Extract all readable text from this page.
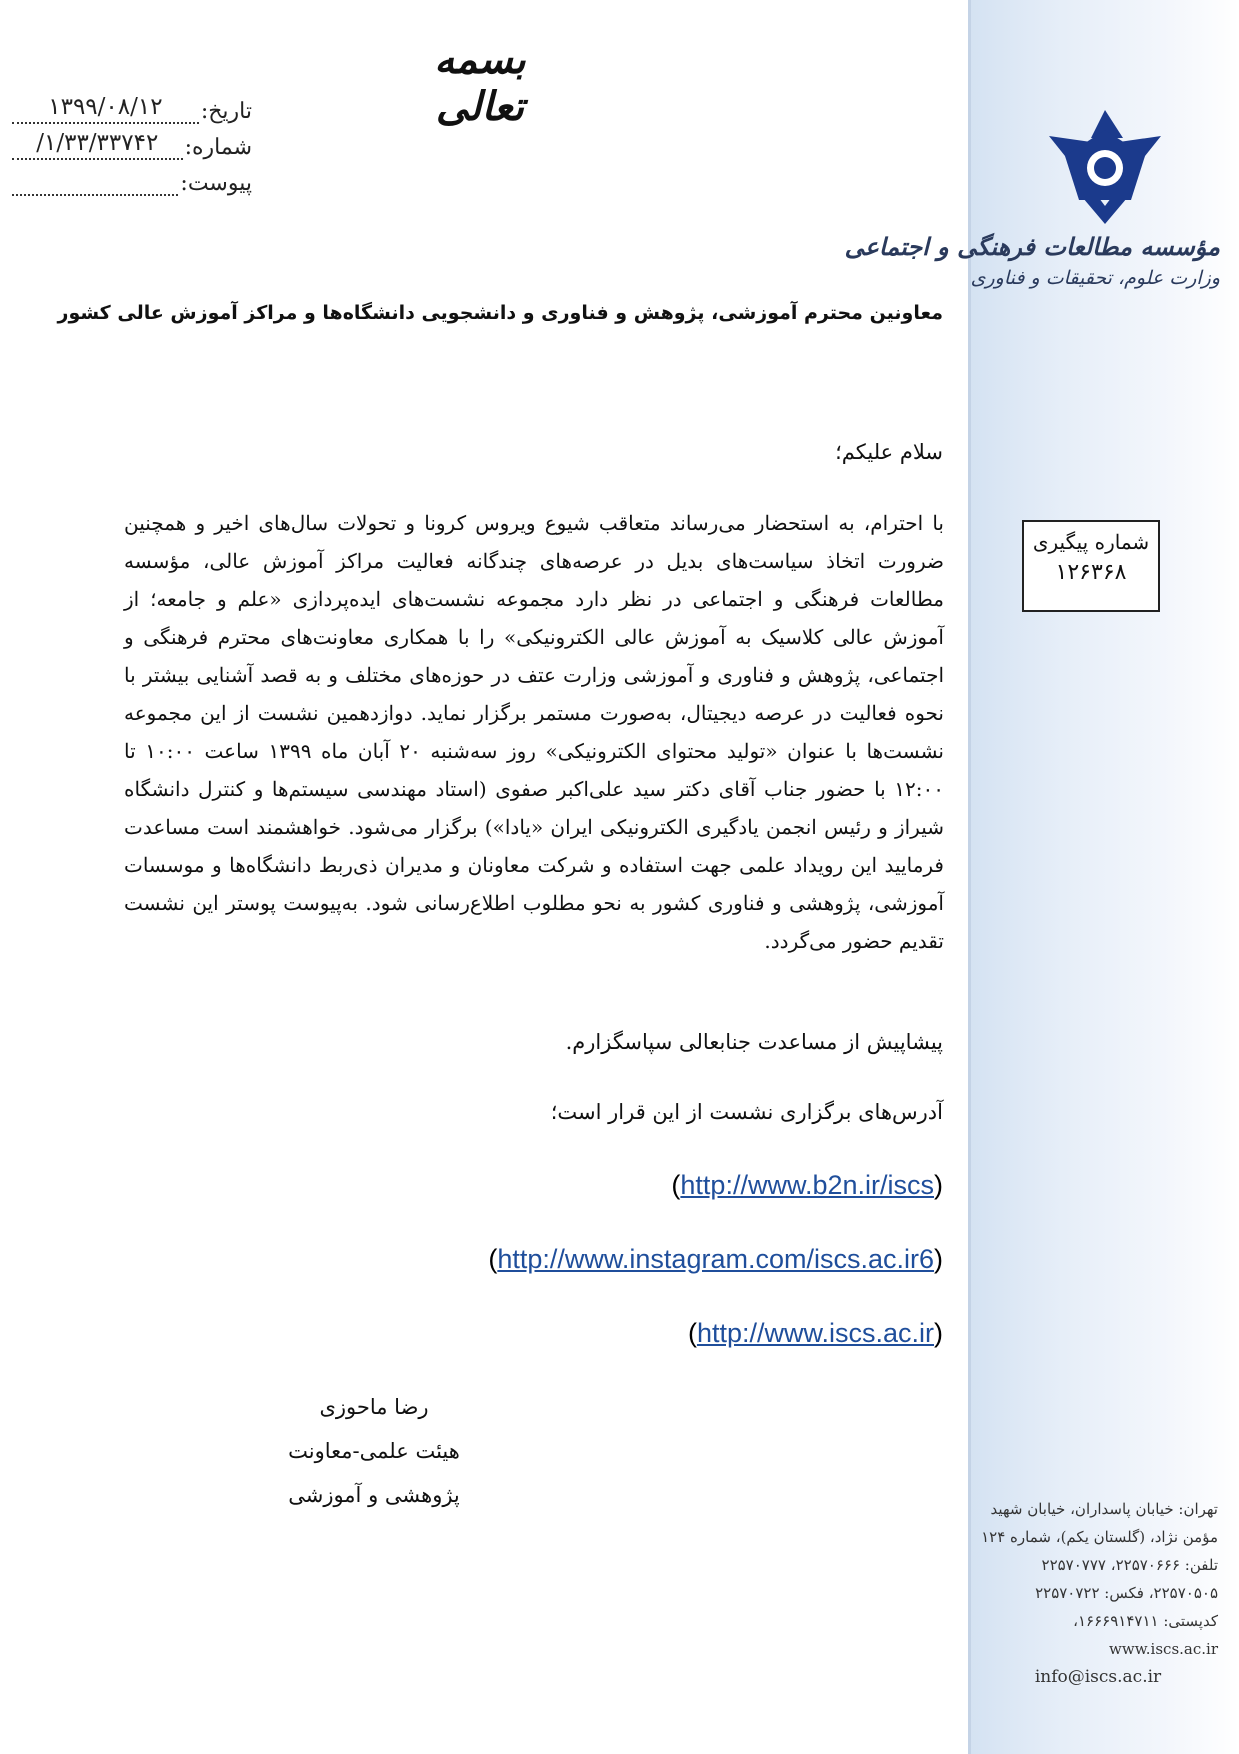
بسمه تعالی
تاریخ:
۱۳۹۹/۰۸/۱۲
شماره:
۱/۳۳/۳۳۷۴۲/
پیوست:
مؤسسه مطالعات فرهنگی و اجتماعی
وزارت علوم، تحقیقات و فناوری
معاونین محترم آموزشی، پژوهش و فناوری و دانشجویی دانشگاه‌ها و مراکز آموزش عالی کشور
سلام علیکم؛

با احترام، به استحضار می‌رساند متعاقب شیوع ویروس کرونا و تحولات سال‌های اخیر و همچنین ضرورت اتخاذ سیاست‌های بدیل در عرصه‌های چندگانه فعالیت مراکز آموزش عالی، مؤسسه مطالعات فرهنگی و اجتماعی در نظر دارد مجموعه نشست‌های ایده‌پردازی «علم و جامعه؛ از آموزش عالی کلاسیک به آموزش عالی الکترونیکی» را با همکاری معاونت‌های محترم فرهنگی و اجتماعی، پژوهش و فناوری و آموزشی وزارت عتف در حوزه‌های مختلف و به قصد آشنایی بیشتر با نحوه فعالیت در عرصه دیجیتال، به‌صورت مستمر برگزار نماید. دوازدهمین نشست از این مجموعه نشست‌ها با عنوان «تولید محتوای الکترونیکی» روز سه‌شنبه ۲۰ آبان ماه ۱۳۹۹ ساعت ۱۰:۰۰ تا ۱۲:۰۰ با حضور جناب آقای دکتر سید علی‌اکبر صفوی (استاد مهندسی سیستم‌ها و کنترل دانشگاه شیراز و رئیس انجمن یادگیری الکترونیکی ایران «یادا») برگزار می‌شود. خواهشمند است مساعدت فرمایید این رویداد علمی جهت استفاده و شرکت معاونان و مدیران ذی‌ربط دانشگاه‌ها و موسسات آموزشی، پژوهشی و فناوری کشور به نحو مطلوب اطلاع‌رسانی شود. به‌پیوست پوستر این نشست تقدیم حضور می‌گردد.

شماره پیگیری
۱۲۶۳۶۸
پیشاپیش از مساعدت جنابعالی سپاسگزارم.
آدرس‌های برگزاری نشست از این قرار است؛
(http://www.b2n.ir/iscs)
(http://www.instagram.com/iscs.ac.ir6)
(http://www.iscs.ac.ir)
رضا ماحوزی
هیئت علمی-معاونت
پژوهشی و آموزشی
تهران: خیابان پاسداران، خیابان شهید
مؤمن نژاد، (گلستان یکم)، شماره ۱۲۴
تلفن: ۲۲۵۷۰۶۶۶، ۲۲۵۷۰۷۷۷
۲۲۵۷۰۵۰۵، فکس: ۲۲۵۷۰۷۲۲
کدپستی: ۱۶۶۶۹۱۴۷۱۱، www.iscs.ac.ir
info@iscs.ac.ir
